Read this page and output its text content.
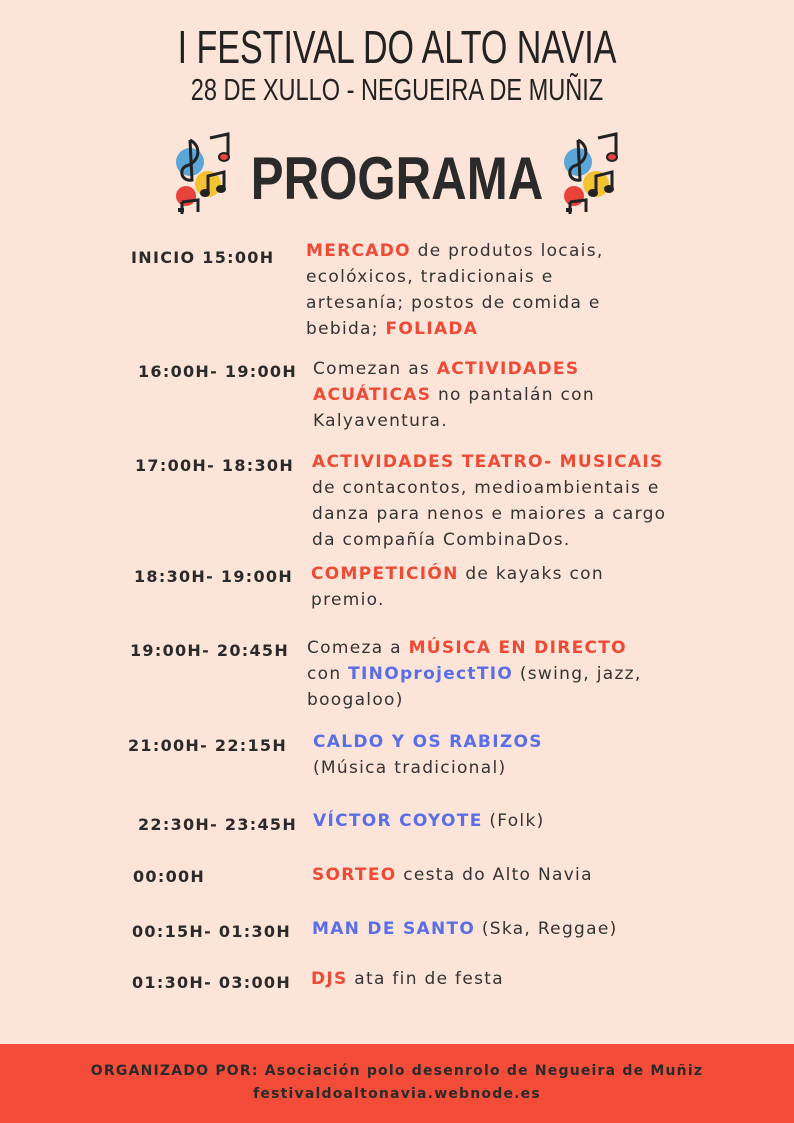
I FESTIVAL DO ALTO NAVIA
28 DE XULLO - NEGUEIRA DE MUÑIZ
PROGRAMA
INICIO 15:00H MERCADO de produtos locais, ecolóxicos, tradicionais e artesanía; postos de comida e bebida; FOLIADA
16:00H- 19:00H Comezan as ACTIVIDADES ACUÁTICAS no pantalán con Kalyaventura.
17:00H- 18:30H ACTIVIDADES TEATRO- MUSICAIS de contacontos, medioambientais e danza para nenos e maiores a cargo da compañía CombinaDos.
18:30H- 19:00H COMPETICIÓN de kayaks con premio.
19:00H- 20:45H Comeza a MÚSICA EN DIRECTO con TINOprojectTIO (swing, jazz, boogaloo)
21:00H- 22:15H CALDO Y OS RABIZOS (Música tradicional)
22:30H- 23:45H VÍCTOR COYOTE (Folk)
00:00H	SORTEO cesta do Alto Navia
00:15H- 01:30H MAN DE SANTO (Ska, Reggae)
01:30H- 03:00H DJS ata fin de festa
ORGANIZADO POR: Asociación polo desenrolo de Negueira de Muñiz
festivaldoaltonavia.webnode.es
